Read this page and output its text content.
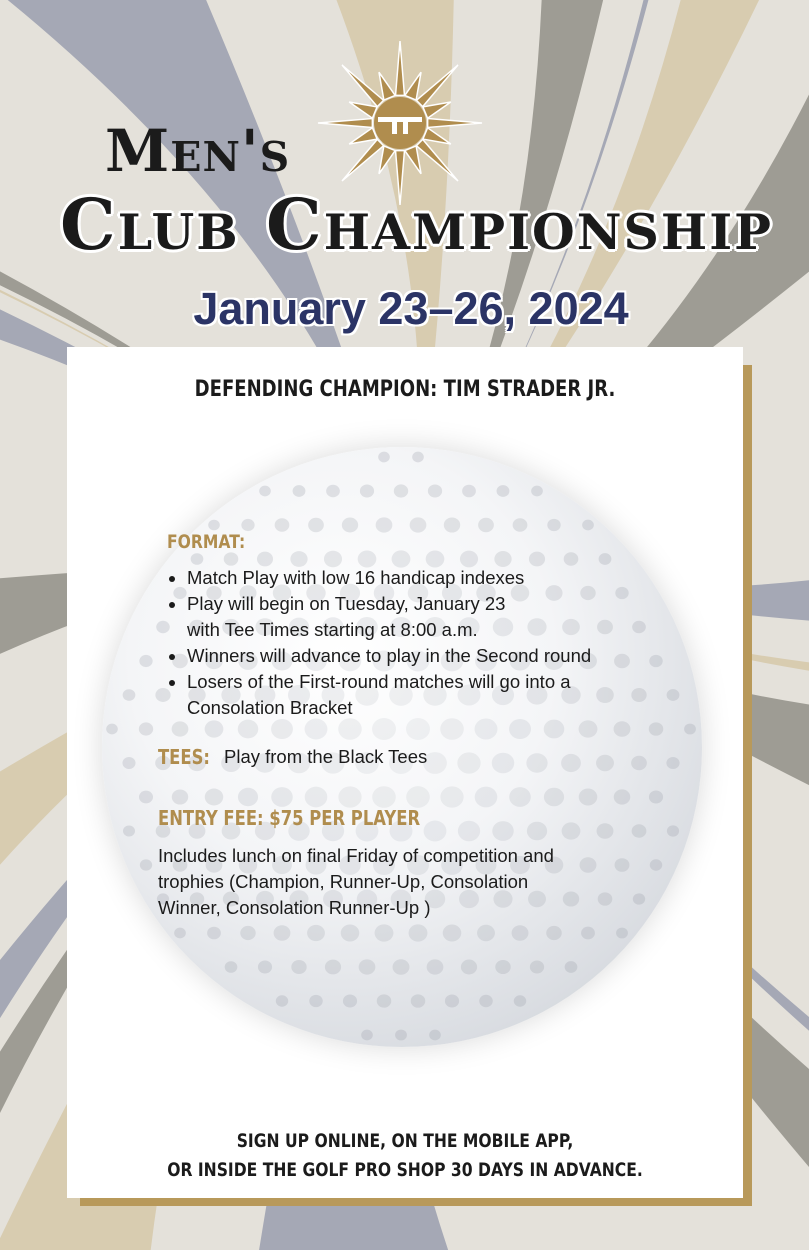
Men's
Club Championship
January 23–26, 2024
DEFENDING CHAMPION: TIM STRADER JR.
FORMAT:
• Match Play with low 16 handicap indexes
• Play will begin on Tuesday, January 23 with Tee Times starting at 8:00 a.m.
• Winners will advance to play in the Second round
• Losers of the First-round matches will go into a Consolation Bracket
TEES: Play from the Black Tees
ENTRY FEE: $75 PER PLAYER
Includes lunch on final Friday of competition and trophies (Champion, Runner-Up, Consolation Winner, Consolation Runner-Up )
SIGN UP ONLINE, ON THE MOBILE APP,
OR INSIDE THE GOLF PRO SHOP 30 DAYS IN ADVANCE.
